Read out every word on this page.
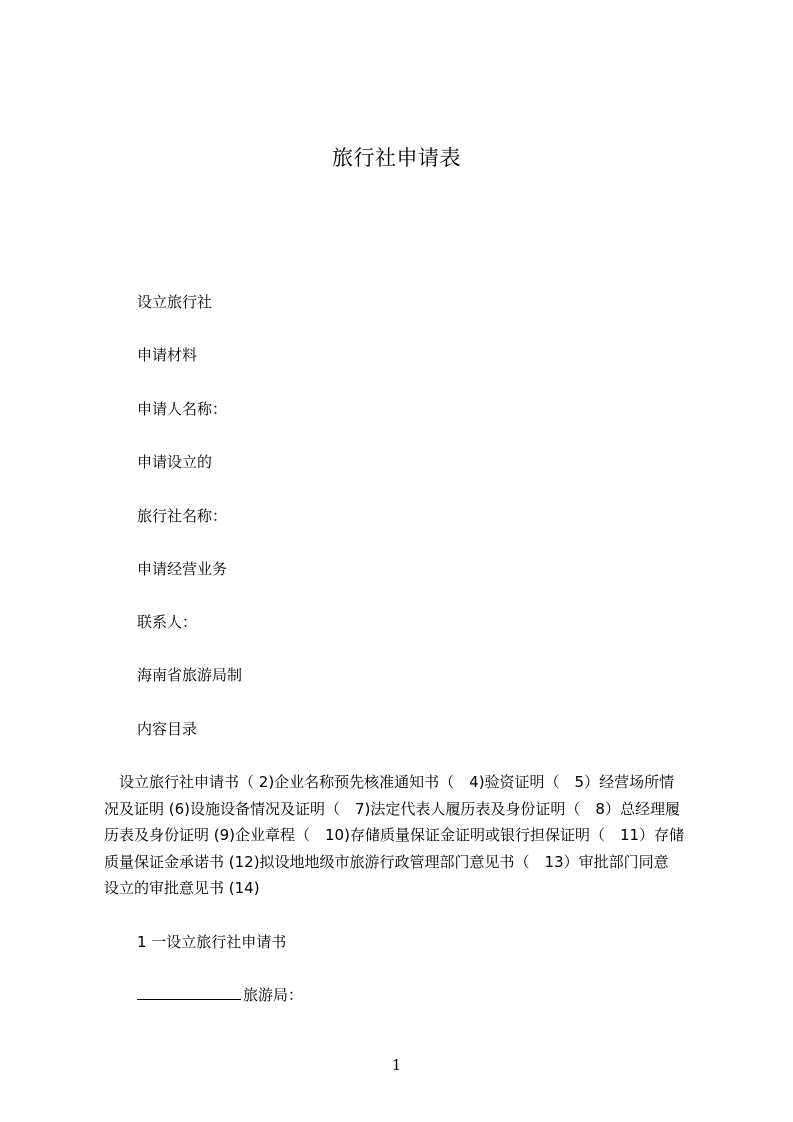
旅行社申请表
设立旅行社
申请材料
申请人名称：
申请设立的
旅行社名称：
申请经营业务
联系人：
海南省旅游局制
内容目录
　设立旅行社申请书（ 2)企业名称预先核准通知书（　4)验资证明（　5）经营场所情
况及证明 (6)设施设备情况及证明（　7)法定代表人履历表及身份证明（　8）总经理履
历表及身份证明 (9)企业章程（　10)存储质量保证金证明或银行担保证明（　11）存储
质量保证金承诺书 (12)拟设地地级市旅游行政管理部门意见书（　13）审批部门同意
设立的审批意见书 (14)
1 一设立旅行社申请书
旅游局：
1
